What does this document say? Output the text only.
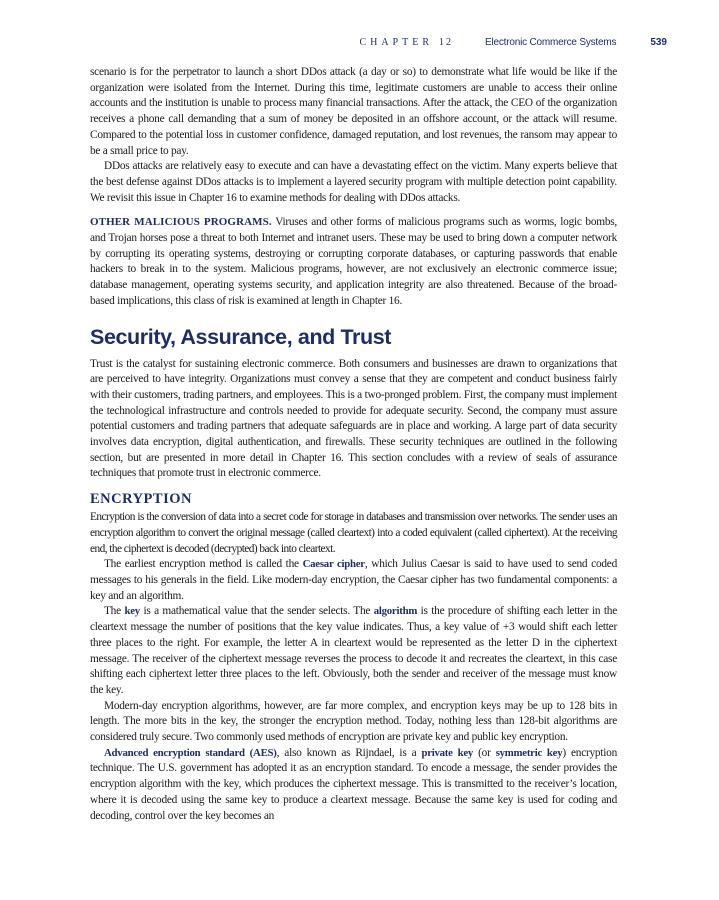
CHAPTER 12	Electronic Commerce Systems	539

scenario is for the perpetrator to launch a short DDos attack (a day or so) to demonstrate what life would be like if the organization were isolated from the Internet. During this time, legitimate customers are unable to access their online accounts and the institution is unable to process many financial transactions. After the attack, the CEO of the organization receives a phone call demanding that a sum of money be deposited in an offshore account, or the attack will resume. Compared to the potential loss in customer confidence, damaged reputation, and lost revenues, the ransom may appear to be a small price to pay.

DDos attacks are relatively easy to execute and can have a devastating effect on the victim. Many experts believe that the best defense against DDos attacks is to implement a layered security program with multiple detection point capability. We revisit this issue in Chapter 16 to examine methods for dealing with DDos attacks.

OTHER MALICIOUS PROGRAMS. Viruses and other forms of malicious programs such as worms, logic bombs, and Trojan horses pose a threat to both Internet and intranet users. These may be used to bring down a computer network by corrupting its operating systems, destroying or corrupting corporate databases, or capturing passwords that enable hackers to break in to the system. Malicious programs, however, are not exclusively an electronic commerce issue; database management, operating systems security, and application integrity are also threatened. Because of the broad-based implications, this class of risk is examined at length in Chapter 16.

Security, Assurance, and Trust

Trust is the catalyst for sustaining electronic commerce. Both consumers and businesses are drawn to organizations that are perceived to have integrity. Organizations must convey a sense that they are competent and conduct business fairly with their customers, trading partners, and employees. This is a two-pronged problem. First, the company must implement the technological infrastructure and controls needed to provide for adequate security. Second, the company must assure potential customers and trading partners that adequate safeguards are in place and working. A large part of data security involves data encryption, digital authentication, and firewalls. These security techniques are outlined in the following section, but are presented in more detail in Chapter 16. This section concludes with a review of seals of assurance techniques that promote trust in electronic commerce.

ENCRYPTION

Encryption is the conversion of data into a secret code for storage in databases and transmission over networks. The sender uses an encryption algorithm to convert the original message (called cleartext) into a coded equivalent (called ciphertext). At the receiving end, the ciphertext is decoded (decrypted) back into cleartext.

The earliest encryption method is called the Caesar cipher, which Julius Caesar is said to have used to send coded messages to his generals in the field. Like modern-day encryption, the Caesar cipher has two fundamental components: a key and an algorithm.

The key is a mathematical value that the sender selects. The algorithm is the procedure of shifting each letter in the cleartext message the number of positions that the key value indicates. Thus, a key value of +3 would shift each letter three places to the right. For example, the letter A in cleartext would be represented as the letter D in the ciphertext message. The receiver of the ciphertext message reverses the process to decode it and recreates the cleartext, in this case shifting each ciphertext letter three places to the left. Obviously, both the sender and receiver of the message must know the key.

Modern-day encryption algorithms, however, are far more complex, and encryption keys may be up to 128 bits in length. The more bits in the key, the stronger the encryption method. Today, nothing less than 128-bit algorithms are considered truly secure. Two commonly used methods of encryption are private key and public key encryption.

Advanced encryption standard (AES), also known as Rijndael, is a private key (or symmetric key) encryption technique. The U.S. government has adopted it as an encryption standard. To encode a message, the sender provides the encryption algorithm with the key, which produces the ciphertext message. This is transmitted to the receiver’s location, where it is decoded using the same key to produce a cleartext message. Because the same key is used for coding and decoding, control over the key becomes an
